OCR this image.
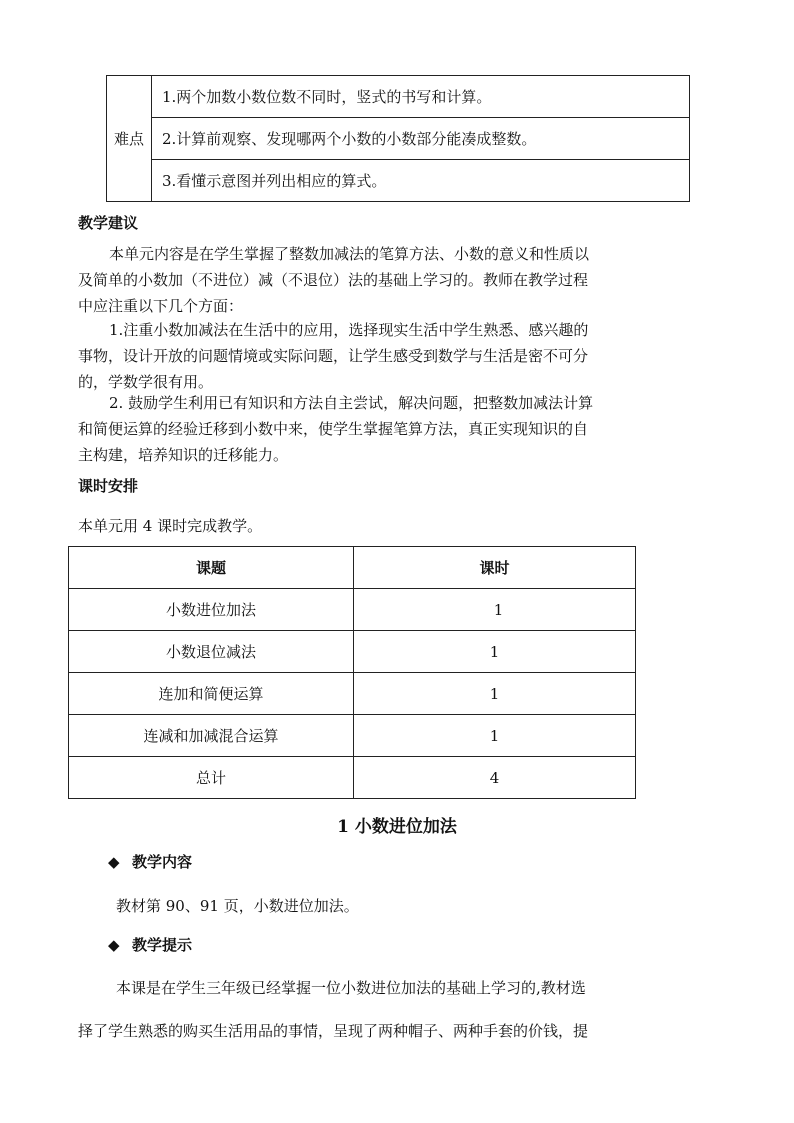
难点	1.两个加数小数位数不同时，竖式的书写和计算。
2.计算前观察、发现哪两个小数的小数部分能凑成整数。
3.看懂示意图并列出相应的算式。
教学建议
本单元内容是在学生掌握了整数加减法的笔算方法、小数的意义和性质以
及简单的小数加（不进位）减（不退位）法的基础上学习的。教师在教学过程
中应注重以下几个方面：
1.注重小数加减法在生活中的应用，选择现实生活中学生熟悉、感兴趣的
事物，设计开放的问题情境或实际问题，让学生感受到数学与生活是密不可分
的，学数学很有用。
2. 鼓励学生利用已有知识和方法自主尝试，解决问题，把整数加减法计算
和简便运算的经验迁移到小数中来，使学生掌握笔算方法，真正实现知识的自
主构建，培养知识的迁移能力。
课时安排
本单元用 4 课时完成教学。
课题	课时
小数进位加法	1
小数退位减法	1
连加和简便运算	1
连减和加减混合运算	1
总计	4
1 小数进位加法
◆ 教学内容
教材第 90、91 页，小数进位加法。
◆ 教学提示
本课是在学生三年级已经掌握一位小数进位加法的基础上学习的,教材选
择了学生熟悉的购买生活用品的事情，呈现了两种帽子、两种手套的价钱，提
